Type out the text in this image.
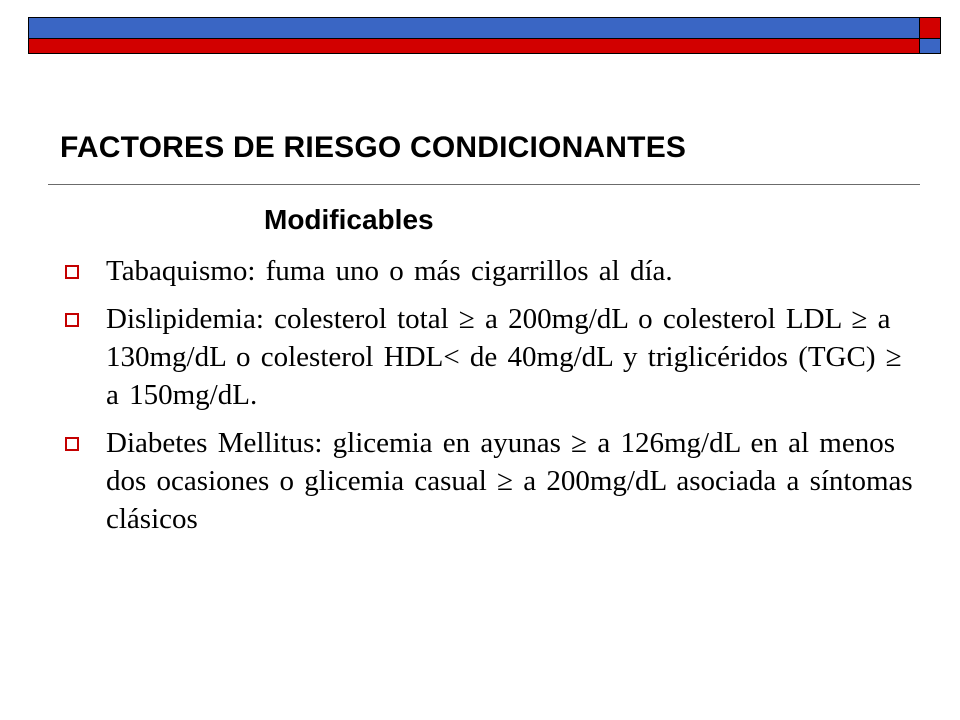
FACTORES DE RIESGO CONDICIONANTES
Modificables
Tabaquismo: fuma uno o más cigarrillos al día.
Dislipidemia: colesterol total ≥ a 200mg/dL o colesterol LDL ≥ a 130mg/dL o colesterol HDL< de 40mg/dL y triglicéridos (TGC) ≥ a 150mg/dL.
Diabetes Mellitus: glicemia en ayunas ≥ a 126mg/dL en al menos dos ocasiones o glicemia casual ≥ a 200mg/dL asociada a síntomas clásicos
